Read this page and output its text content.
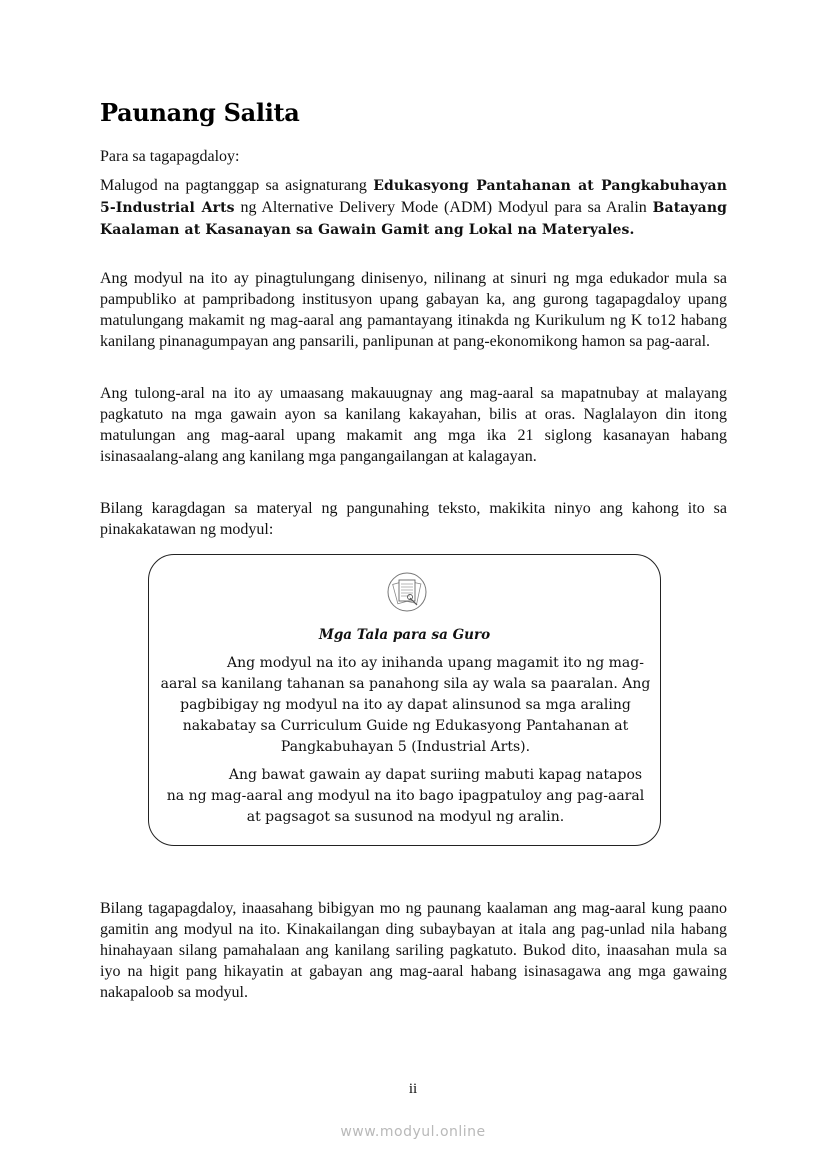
Paunang Salita

Para sa tagapagdaloy:

Malugod na pagtanggap sa asignaturang Edukasyong Pantahanan at Pangkabuhayan 5-Industrial Arts ng Alternative Delivery Mode (ADM) Modyul para sa Aralin Batayang Kaalaman at Kasanayan sa Gawain Gamit ang Lokal na Materyales.

Ang modyul na ito ay pinagtulungang dinisenyo, nilinang at sinuri ng mga edukador mula sa pampubliko at pampribadong institusyon upang gabayan ka, ang gurong tagapagdaloy upang matulungang makamit ng mag-aaral ang pamantayang itinakda ng Kurikulum ng K to12 habang kanilang pinanagumpayan ang pansarili, panlipunan at pang-ekonomikong hamon sa pag-aaral.

Ang tulong-aral na ito ay umaasang makauugnay ang mag-aaral sa mapatnubay at malayang pagkatuto na mga gawain ayon sa kanilang kakayahan, bilis at oras. Naglalayon din itong matulungan ang mag-aaral upang makamit ang mga ika 21 siglong kasanayan habang isinasaalang-alang ang kanilang mga pangangailangan at kalagayan.

Bilang karagdagan sa materyal ng pangunahing teksto, makikita ninyo ang kahong ito sa pinakakatawan ng modyul:

Mga Tala para sa Guro

Ang modyul na ito ay inihanda upang magamit ito ng mag-aaral sa kanilang tahanan sa panahong sila ay wala sa paaralan. Ang pagbibigay ng modyul na ito ay dapat alinsunod sa mga araling nakabatay sa Curriculum Guide ng Edukasyong Pantahanan at Pangkabuhayan 5 (Industrial Arts).

Ang bawat gawain ay dapat suriing mabuti kapag natapos na ng mag-aaral ang modyul na ito bago ipagpatuloy ang pag-aaral at pagsagot sa susunod na modyul ng aralin.

Bilang tagapagdaloy, inaasahang bibigyan mo ng paunang kaalaman ang mag-aaral kung paano gamitin ang modyul na ito. Kinakailangan ding subaybayan at itala ang pag-unlad nila habang hinahayaan silang pamahalaan ang kanilang sariling pagkatuto. Bukod dito, inaasahan mula sa iyo na higit pang hikayatin at gabayan ang mag-aaral habang isinasagawa ang mga gawaing nakapaloob sa modyul.

ii
www.modyul.online
